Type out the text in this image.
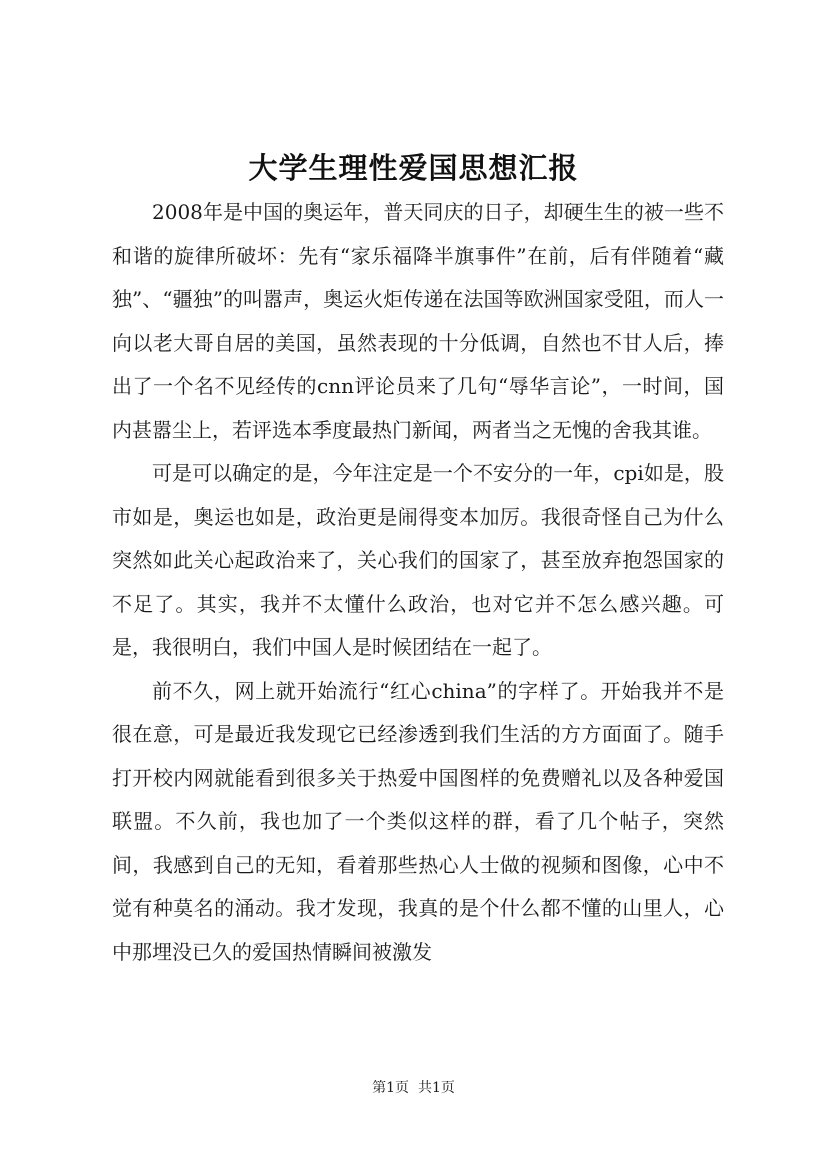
大学生理性爱国思想汇报

2008年是中国的奥运年，普天同庆的日子，却硬生生的被一些不和谐的旋律所破坏：先有“家乐福降半旗事件”在前，后有伴随着“藏独”、“疆独”的叫嚣声，奥运火炬传递在法国等欧洲国家受阻，而人一向以老大哥自居的美国，虽然表现的十分低调，自然也不甘人后，捧出了一个名不见经传的cnn评论员来了几句“辱华言论”，一时间，国内甚嚣尘上，若评选本季度最热门新闻，两者当之无愧的舍我其谁。

可是可以确定的是，今年注定是一个不安分的一年，cpi如是，股市如是，奥运也如是，政治更是闹得变本加厉。我很奇怪自己为什么突然如此关心起政治来了，关心我们的国家了，甚至放弃抱怨国家的不足了。其实，我并不太懂什么政治，也对它并不怎么感兴趣。可是，我很明白，我们中国人是时候团结在一起了。

前不久，网上就开始流行“红心china”的字样了。开始我并不是很在意，可是最近我发现它已经渗透到我们生活的方方面面了。随手打开校内网就能看到很多关于热爱中国图样的免费赠礼以及各种爱国联盟。不久前，我也加了一个类似这样的群，看了几个帖子，突然间，我感到自己的无知，看着那些热心人士做的视频和图像，心中不觉有种莫名的涌动。我才发现，我真的是个什么都不懂的山里人，心中那埋没已久的爱国热情瞬间被激发

第1页  共1页
